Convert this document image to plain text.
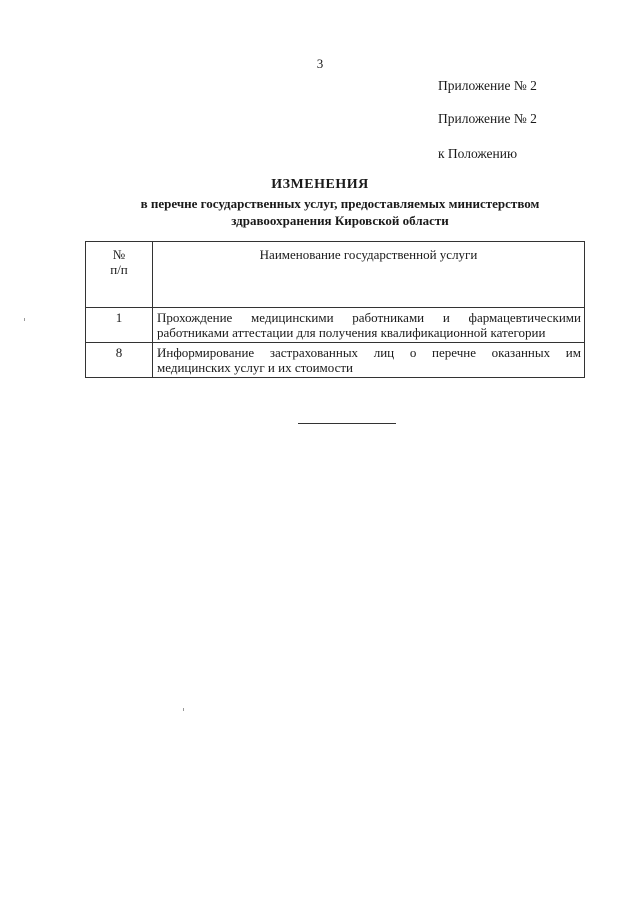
3
Приложение № 2
Приложение № 2
к Положению
ИЗМЕНЕНИЯ
в перечне государственных услуг, предоставляемых министерством
здравоохранения Кировской области
№
п/п	Наименование государственной услуги
1	Прохождение медицинскими работниками и фармацевтическими работниками аттестации для получения квалификационной категории
8	Информирование застрахованных лиц о перечне оказанных им медицинских услуг и их стоимости
